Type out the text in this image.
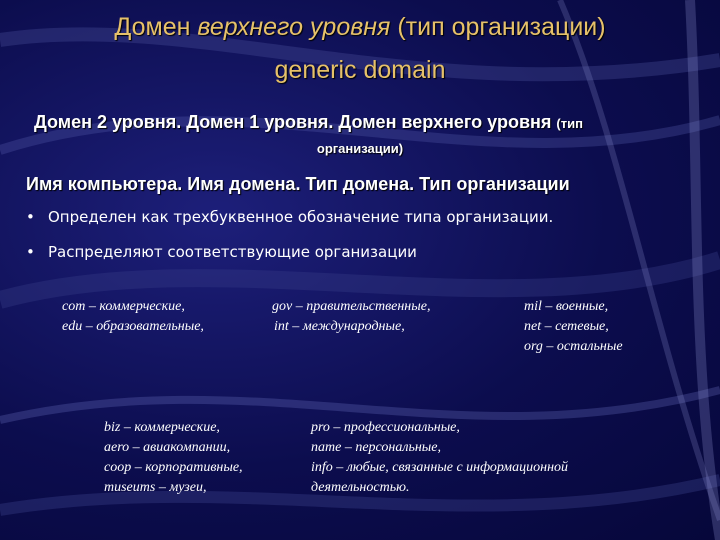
Домен верхнего уровня (тип организации)
generic domain
Домен 2 уровня. Домен 1 уровня. Домен верхнего уровня (тип
организации)
Имя компьютера. Имя домена. Тип домена. Тип организации
• Определен как трехбуквенное обозначение типа организации.
• Распределяют соответствующие организации
com – коммерческие,
edu – образовательные,
gov – правительственные,
int – международные,
mil – военные,
net – сетевые,
org – остальные
biz – коммерческие,
aero – авиакомпании,
coop – корпоративные,
museums – музеи,
pro – профессиональные,
name – персональные,
info – любые, связанные с информационной
деятельностью.
